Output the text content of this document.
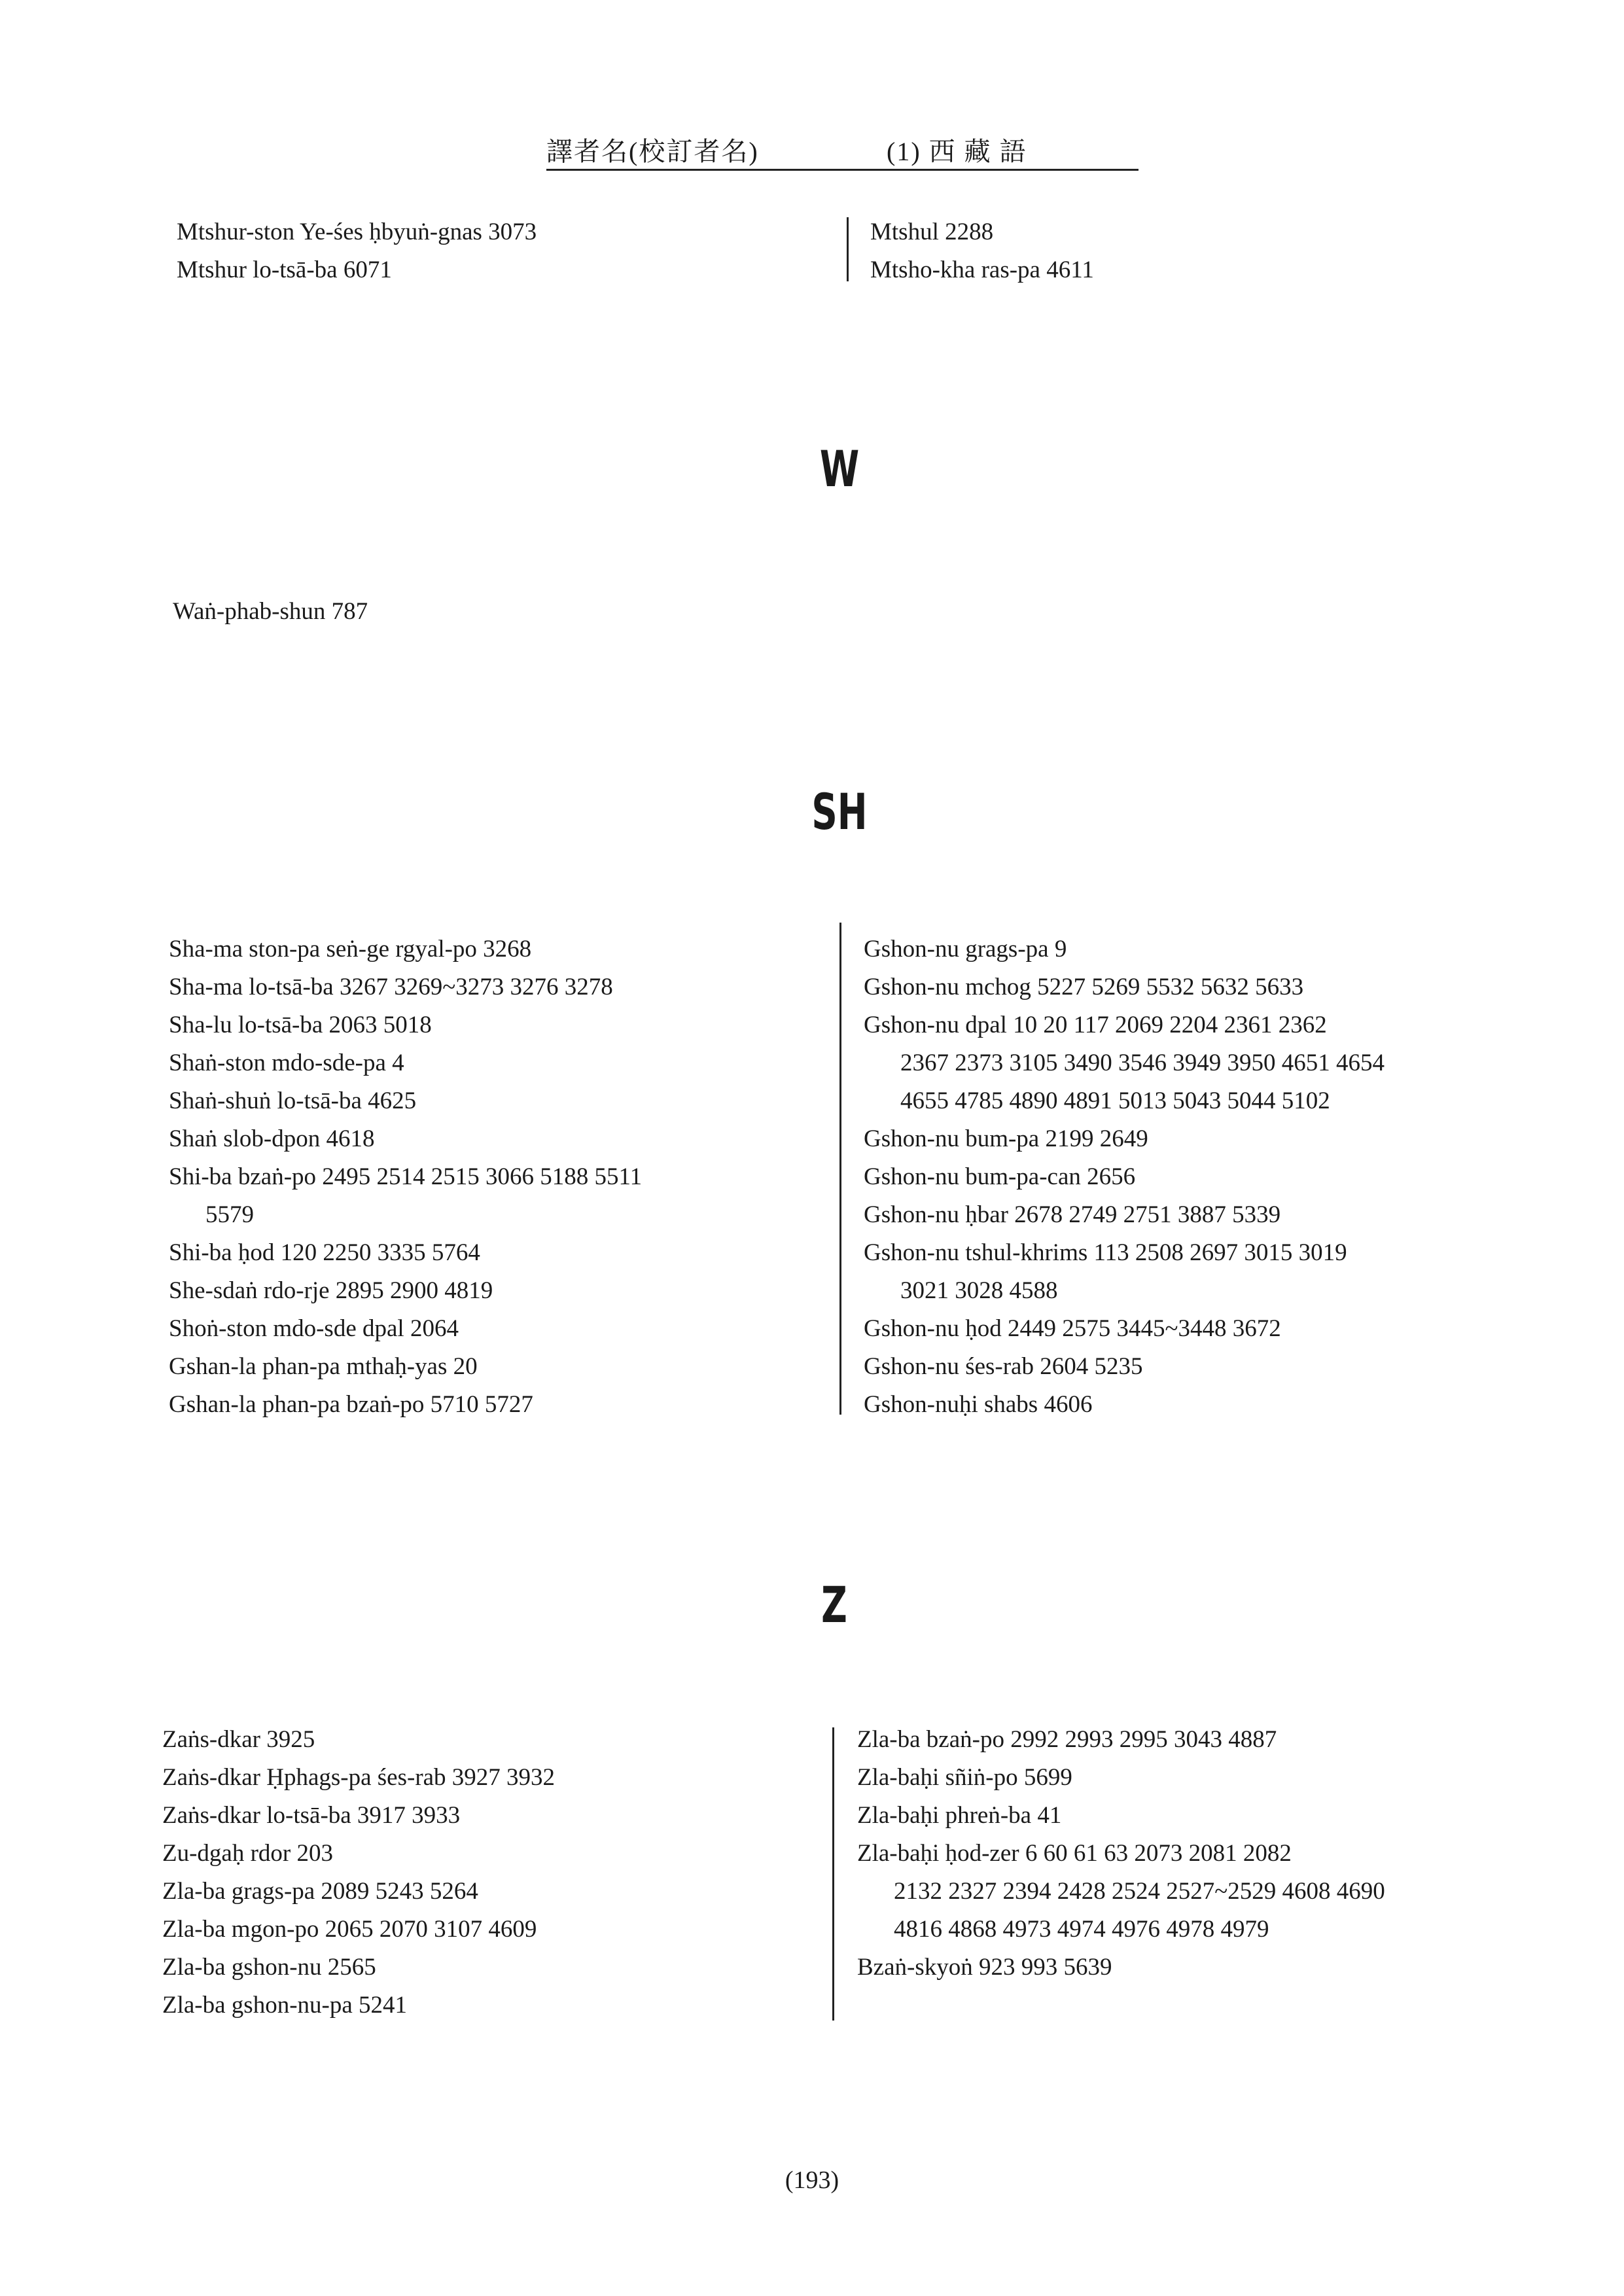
譯者名(校訂者名)	(1) 西 藏 語
Mtshur-ston Ye-śes ḥbyuṅ-gnas 3073
Mtshur lo-tsā-ba 6071
Mtshul 2288
Mtsho-kha ras-pa 4611
W
Waṅ-phab-shun 787
SH
Sha-ma ston-pa seṅ-ge rgyal-po 3268
Sha-ma lo-tsā-ba 3267 3269~3273 3276 3278
Sha-lu lo-tsā-ba 2063 5018
Shaṅ-ston mdo-sde-pa 4
Shaṅ-shuṅ lo-tsā-ba 4625
Shaṅ slob-dpon 4618
Shi-ba bzaṅ-po 2495 2514 2515 3066 5188 5511
5579
Shi-ba ḥod 120 2250 3335 5764
She-sdaṅ rdo-rje 2895 2900 4819
Shoṅ-ston mdo-sde dpal 2064
Gshan-la phan-pa mthaḥ-yas 20
Gshan-la phan-pa bzaṅ-po 5710 5727
Gshon-nu grags-pa 9
Gshon-nu mchog 5227 5269 5532 5632 5633
Gshon-nu dpal 10 20 117 2069 2204 2361 2362
2367 2373 3105 3490 3546 3949 3950 4651 4654
4655 4785 4890 4891 5013 5043 5044 5102
Gshon-nu bum-pa 2199 2649
Gshon-nu bum-pa-can 2656
Gshon-nu ḥbar 2678 2749 2751 3887 5339
Gshon-nu tshul-khrims 113 2508 2697 3015 3019
3021 3028 4588
Gshon-nu ḥod 2449 2575 3445~3448 3672
Gshon-nu śes-rab 2604 5235
Gshon-nuḥi shabs 4606
Z
Zaṅs-dkar 3925
Zaṅs-dkar Ḥphags-pa śes-rab 3927 3932
Zaṅs-dkar lo-tsā-ba 3917 3933
Zu-dgaḥ rdor 203
Zla-ba grags-pa 2089 5243 5264
Zla-ba mgon-po 2065 2070 3107 4609
Zla-ba gshon-nu 2565
Zla-ba gshon-nu-pa 5241
Zla-ba bzaṅ-po 2992 2993 2995 3043 4887
Zla-baḥi sñiṅ-po 5699
Zla-baḥi phreṅ-ba 41
Zla-baḥi ḥod-zer 6 60 61 63 2073 2081 2082
2132 2327 2394 2428 2524 2527~2529 4608 4690
4816 4868 4973 4974 4976 4978 4979
Bzaṅ-skyoṅ 923 993 5639
(193)
